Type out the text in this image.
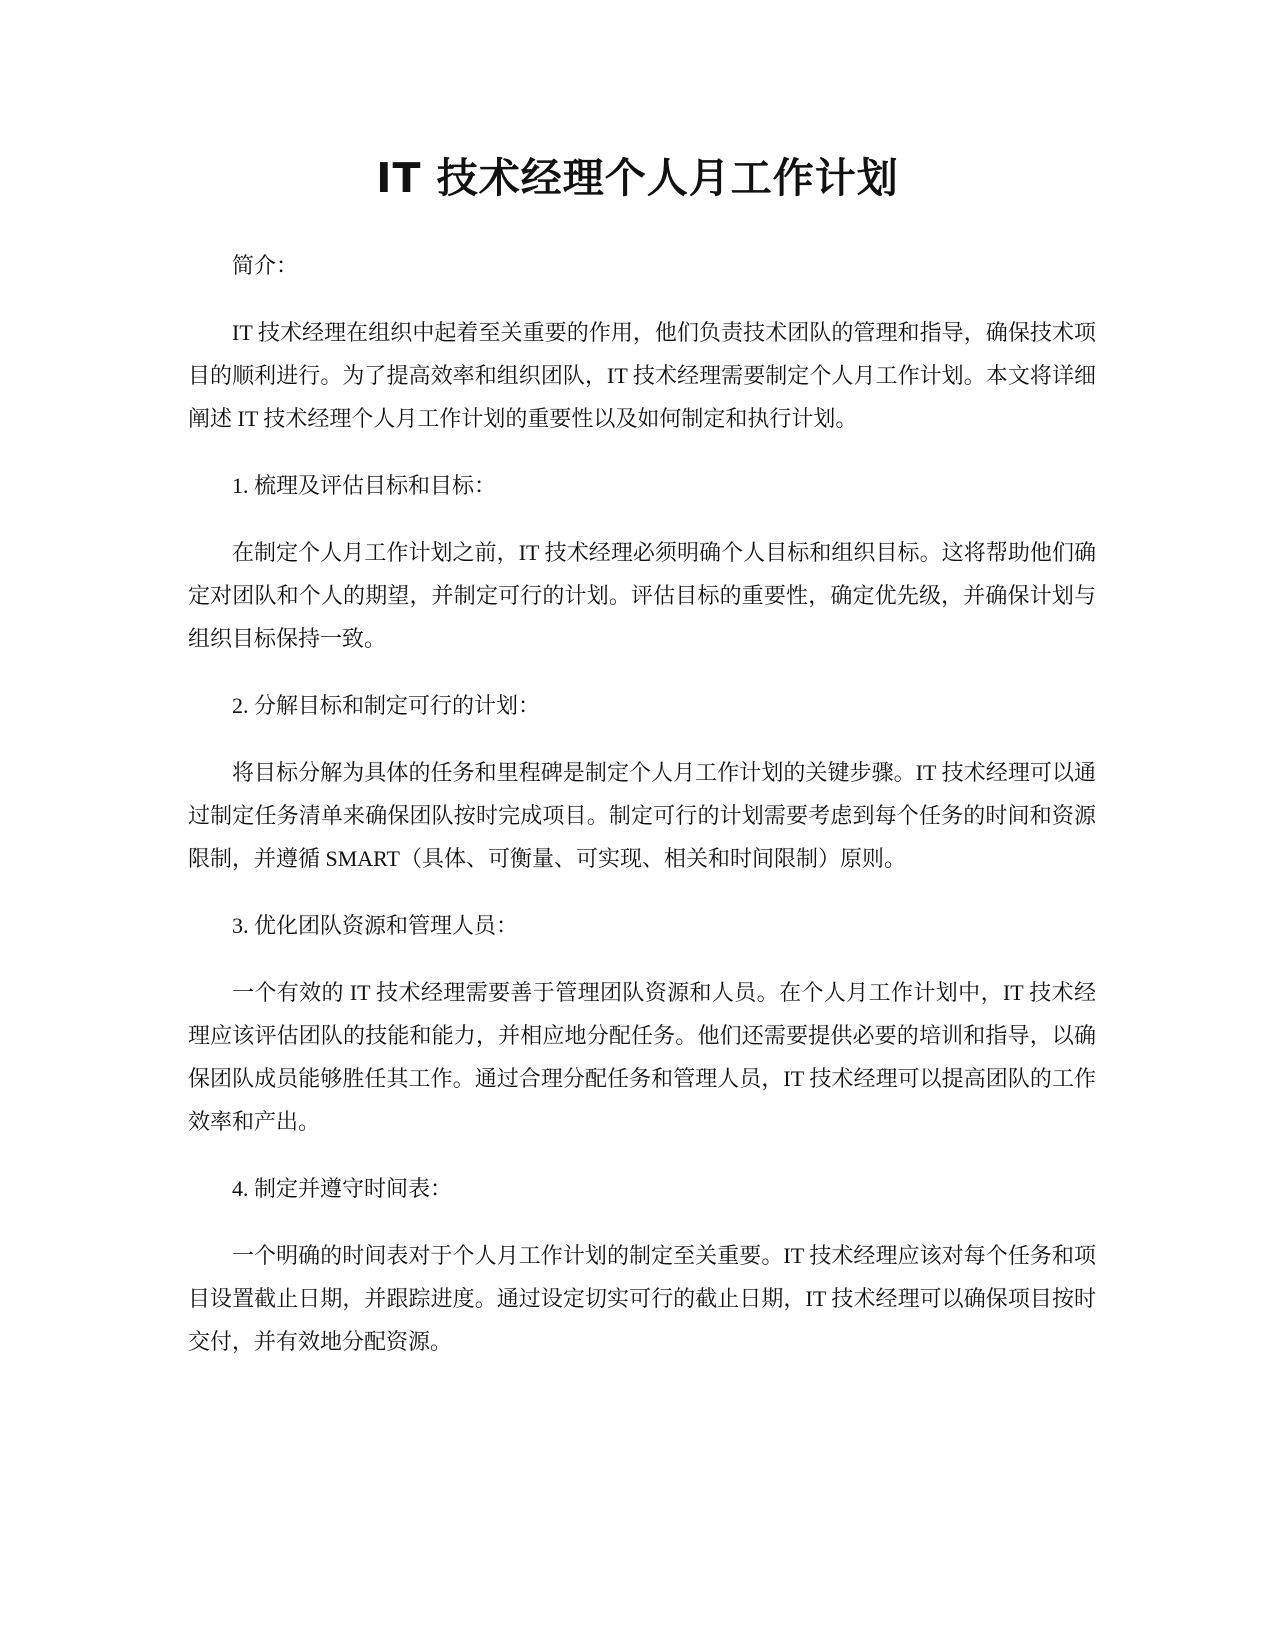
IT 技术经理个人月工作计划

简介：

IT 技术经理在组织中起着至关重要的作用，他们负责技术团队的管理和指导，确保技术项目的顺利进行。为了提高效率和组织团队，IT 技术经理需要制定个人月工作计划。本文将详细阐述 IT 技术经理个人月工作计划的重要性以及如何制定和执行计划。

1. 梳理及评估目标和目标：

在制定个人月工作计划之前，IT 技术经理必须明确个人目标和组织目标。这将帮助他们确定对团队和个人的期望，并制定可行的计划。评估目标的重要性，确定优先级，并确保计划与组织目标保持一致。

2. 分解目标和制定可行的计划：

将目标分解为具体的任务和里程碑是制定个人月工作计划的关键步骤。IT 技术经理可以通过制定任务清单来确保团队按时完成项目。制定可行的计划需要考虑到每个任务的时间和资源限制，并遵循 SMART（具体、可衡量、可实现、相关和时间限制）原则。

3. 优化团队资源和管理人员：

一个有效的 IT 技术经理需要善于管理团队资源和人员。在个人月工作计划中，IT 技术经理应该评估团队的技能和能力，并相应地分配任务。他们还需要提供必要的培训和指导，以确保团队成员能够胜任其工作。通过合理分配任务和管理人员，IT 技术经理可以提高团队的工作效率和产出。

4. 制定并遵守时间表：

一个明确的时间表对于个人月工作计划的制定至关重要。IT 技术经理应该对每个任务和项目设置截止日期，并跟踪进度。通过设定切实可行的截止日期，IT 技术经理可以确保项目按时交付，并有效地分配资源。
